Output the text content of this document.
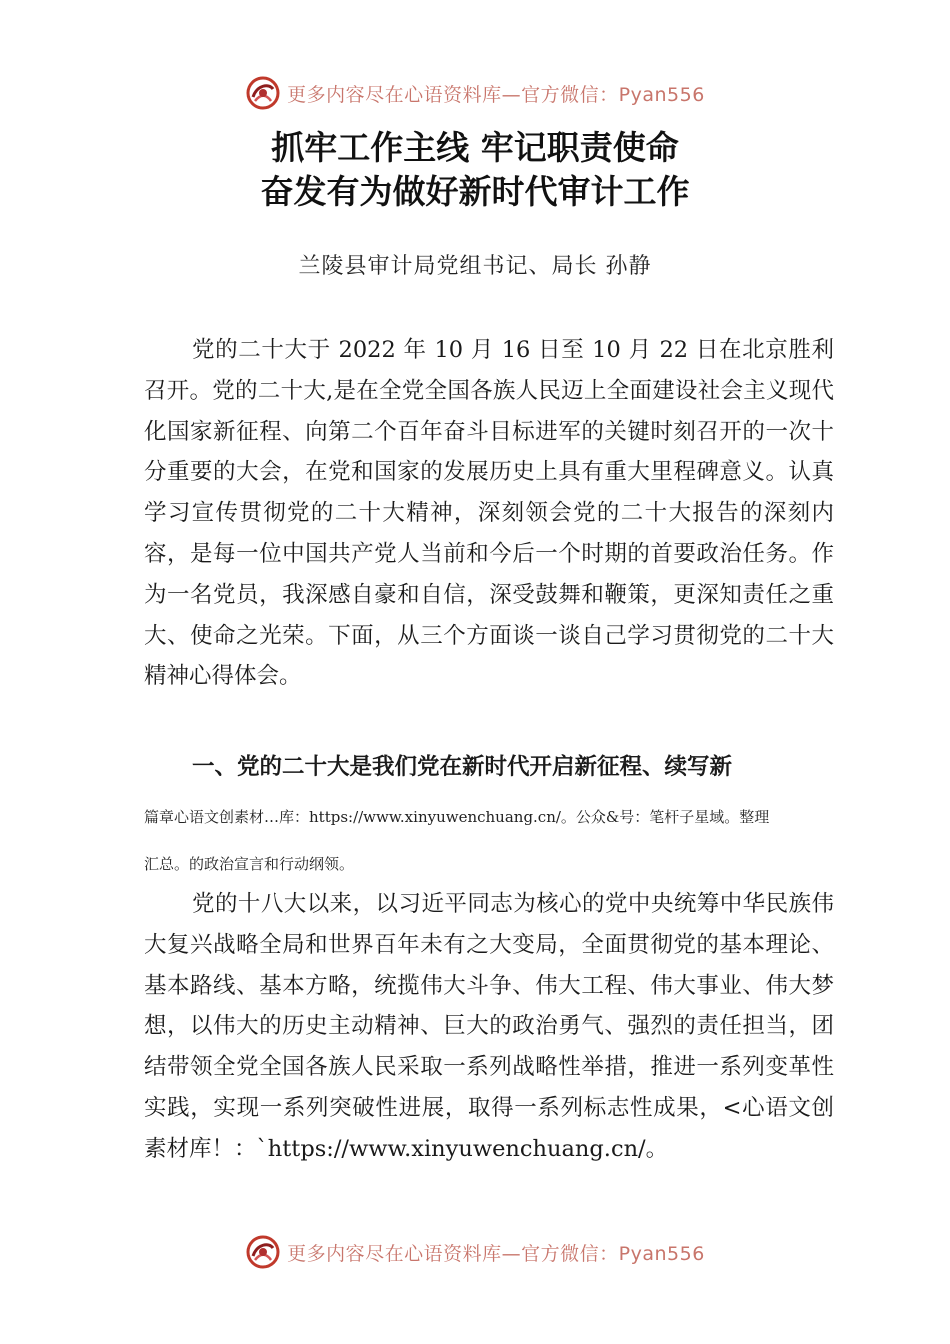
更多内容尽在心语资料库—官方微信：Pyan556
抓牢工作主线 牢记职责使命
奋发有为做好新时代审计工作
兰陵县审计局党组书记、局长 孙静

党的二十大于 2022 年 10 月 16 日至 10 月 22 日在北京胜利召开。党的二十大,是在全党全国各族人民迈上全面建设社会主义现代化国家新征程、向第二个百年奋斗目标进军的关键时刻召开的一次十分重要的大会，在党和国家的发展历史上具有重大里程碑意义。认真学习宣传贯彻党的二十大精神，深刻领会党的二十大报告的深刻内容，是每一位中国共产党人当前和今后一个时期的首要政治任务。作为一名党员，我深感自豪和自信，深受鼓舞和鞭策，更深知责任之重大、使命之光荣。下面，从三个方面谈一谈自己学习贯彻党的二十大精神心得体会。

一、党的二十大是我们党在新时代开启新征程、续写新

篇章心语文创素材…库：https://www.xinyuwenchuang.cn/。公众&号：笔杆子星域。整理

汇总。的政治宣言和行动纲领。

党的十八大以来，以习近平同志为核心的党中央统筹中华民族伟大复兴战略全局和世界百年未有之大变局，全面贯彻党的基本理论、基本路线、基本方略，统揽伟大斗争、伟大工程、伟大事业、伟大梦想，以伟大的历史主动精神、巨大的政治勇气、强烈的责任担当，团结带领全党全国各族人民采取一系列战略性举措，推进一系列变革性实践，实现一系列突破性进展，取得一系列标志性成果，<心语文创素材库！：`https://www.xinyuwenchuang.cn/。

更多内容尽在心语资料库—官方微信：Pyan556
